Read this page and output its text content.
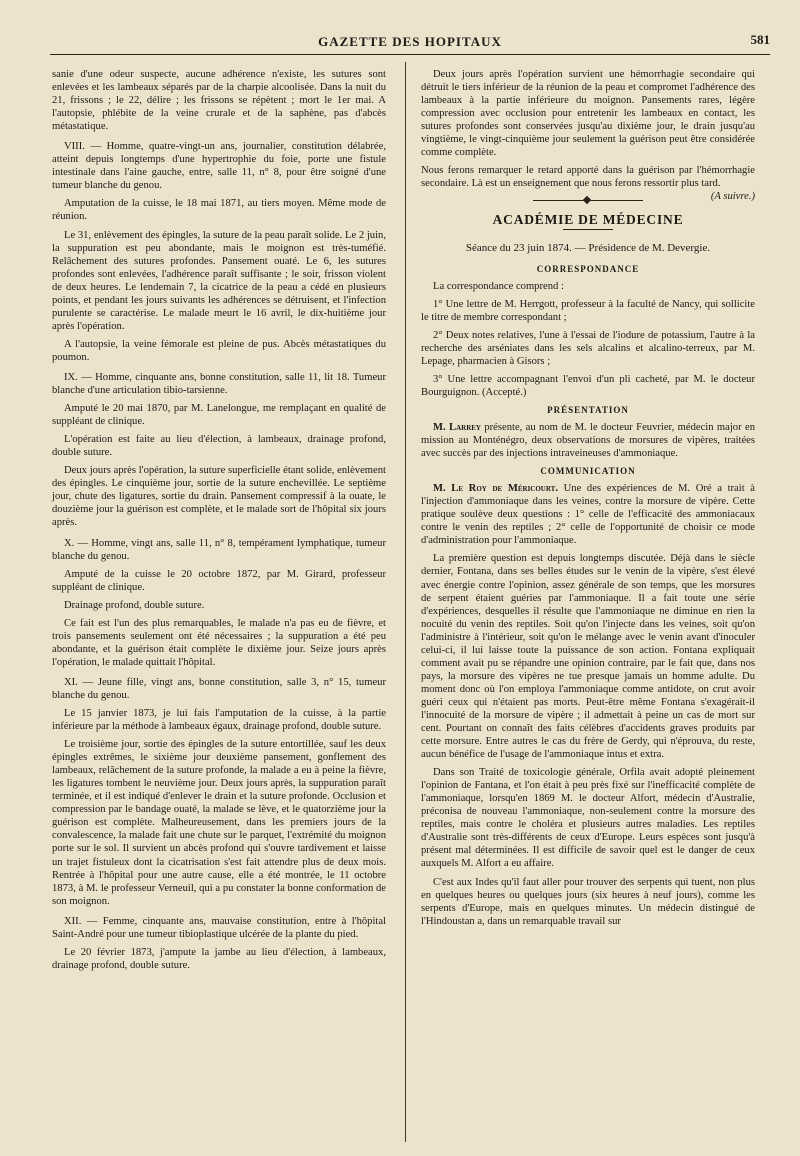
GAZETTE DES HOPITAUX	581

sanie d'une odeur suspecte, aucune adhérence n'existe, les sutures sont enlevées et les lambeaux séparés par de la charpie alcoolisée. Dans la nuit du 21, frissons ; le 22, délire ; les frissons se répètent ; mort le 1er mai. A l'autopsie, phlébite de la veine crurale et de la saphène, pas d'abcès métastatique.

VIII. — Homme, quatre-vingt-un ans, journalier, constitution délabrée, atteint depuis longtemps d'une hypertrophie du foie, porte une fistule intestinale dans l'aine gauche, entre, salle 11, n° 8, pour être soigné d'une tumeur blanche du genou.

Amputation de la cuisse, le 18 mai 1871, au tiers moyen. Même mode de réunion.

Le 31, enlèvement des épingles, la suture de la peau paraît solide. Le 2 juin, la suppuration est peu abondante, mais le moignon est très-tuméfié. Relâchement des sutures profondes. Pansement ouaté. Le 6, les sutures profondes sont enlevées, l'adhérence paraît suffisante ; le soir, frisson violent de deux heures. Le lendemain 7, la cicatrice de la peau a cédé en plusieurs points, et pendant les jours suivants les adhérences se détruisent, et l'infection purulente se caractérise. Le malade meurt le 16 avril, le dix-huitième jour après l'opération.

A l'autopsie, la veine fémorale est pleine de pus. Abcès métastatiques du poumon.

IX. — Homme, cinquante ans, bonne constitution, salle 11, lit 18. Tumeur blanche d'une articulation tibio-tarsienne.

Amputé le 20 mai 1870, par M. Lanelongue, me remplaçant en qualité de suppléant de clinique.

L'opération est faite au lieu d'élection, à lambeaux, drainage profond, double suture.

Deux jours après l'opération, la suture superficielle étant solide, enlèvement des épingles. Le cinquième jour, sortie de la suture enchevillée. Le septième jour, chute des ligatures, sortie du drain. Pansement compressif à la ouate, le douzième jour la guérison est complète, et le malade sort de l'hôpital six jours après.

X. — Homme, vingt ans, salle 11, n° 8, tempérament lymphatique, tumeur blanche du genou.

Amputé de la cuisse le 20 octobre 1872, par M. Girard, professeur suppléant de clinique.

Drainage profond, double suture.

Ce fait est l'un des plus remarquables, le malade n'a pas eu de fièvre, et trois pansements seulement ont été nécessaires ; la suppuration a été peu abondante, et la guérison était complète le dixième jour. Seize jours après l'opération, le malade quittait l'hôpital.

XI. — Jeune fille, vingt ans, bonne constitution, salle 3, n° 15, tumeur blanche du genou.

Le 15 janvier 1873, je lui fais l'amputation de la cuisse, à la partie inférieure par la méthode à lambeaux égaux, drainage profond, double suture.

Le troisième jour, sortie des épingles de la suture entortillée, sauf les deux épingles extrêmes, le sixième jour deuxième pansement, gonflement des lambeaux, relâchement de la suture profonde, la malade a eu à peine la fièvre, les ligatures tombent le neuvième jour. Deux jours après, la suppuration paraît terminée, et il est indiqué d'enlever le drain et la suture profonde. Occlusion et compression par le bandage ouaté, la malade se lève, et le quatorzième jour la guérison est complète. Malheureusement, dans les premiers jours de la convalescence, la malade fait une chute sur le parquet, l'extrémité du moignon porte sur le sol. Il survient un abcès profond qui s'ouvre tardivement et laisse un trajet fistuleux dont la cicatrisation s'est fait attendre plus de deux mois. Rentrée à l'hôpital pour une autre cause, elle a été montrée, le 11 octobre 1873, à M. le professeur Verneuil, qui a pu constater la bonne conformation de son moignon.

XII. — Femme, cinquante ans, mauvaise constitution, entre à l'hôpital Saint-André pour une tumeur tibioplastique ulcérée de la plante du pied.

Le 20 février 1873, j'ampute la jambe au lieu d'élection, à lambeaux, drainage profond, double suture.

Deux jours après l'opération survient une hémorrhagie secondaire qui détruit le tiers inférieur de la réunion de la peau et compromet l'adhérence des lambeaux à la partie inférieure du moignon. Pansements rares, légère compression avec occlusion pour entretenir les lambeaux en contact, les sutures profondes sont conservées jusqu'au dixième jour, le drain jusqu'au vingtième, le vingt-cinquième jour seulement la guérison peut être considérée comme complète.

Nous ferons remarquer le retard apporté dans la guérison par l'hémorrhagie secondaire. Là est un enseignement que nous ferons ressortir plus tard.
(A suivre.)

ACADÉMIE DE MÉDECINE
Séance du 23 juin 1874. — Présidence de M. Devergie.
CORRESPONDANCE

La correspondance comprend :

1° Une lettre de M. Herrgott, professeur à la faculté de Nancy, qui sollicite le titre de membre correspondant ;

2° Deux notes relatives, l'une à l'essai de l'iodure de potassium, l'autre à la recherche des arséniates dans les sels alcalins et alcalino-terreux, par M. Lepage, pharmacien à Gisors ;

3° Une lettre accompagnant l'envoi d'un pli cacheté, par M. le docteur Bourguignon. (Accepté.)

PRÉSENTATION

M. Larrey présente, au nom de M. le docteur Feuvrier, médecin major en mission au Monténégro, deux observations de morsures de vipères, traitées avec succès par des injections intraveineuses d'ammoniaque.

COMMUNICATION

M. Le Roy de Méricourt. Une des expériences de M. Oré a trait à l'injection d'ammoniaque dans les veines, contre la morsure de vipère. Cette pratique soulève deux questions : 1° celle de l'efficacité des ammoniacaux contre le venin des reptiles ; 2° celle de l'opportunité de choisir ce mode d'administration pour l'ammoniaque.

La première question est depuis longtemps discutée. Déjà dans le siècle dernier, Fontana, dans ses belles études sur le venin de la vipère, s'est élevé avec énergie contre l'opinion, assez générale de son temps, que les morsures de serpent étaient guéries par l'ammoniaque. Il a fait toute une série d'expériences, desquelles il résulte que l'ammoniaque ne diminue en rien la nocuité du venin des reptiles. Soit qu'on l'injecte dans les veines, soit qu'on l'administre à l'intérieur, soit qu'on le mélange avec le venin avant d'inoculer celui-ci, il lui laisse toute la puissance de son action. Fontana expliquait comment avait pu se répandre une opinion contraire, par le fait que, dans nos pays, la morsure des vipères ne tue presque jamais un homme adulte. Du moment donc où l'on employa l'ammoniaque comme antidote, on crut avoir guéri ceux qui n'étaient pas morts. Peut-être même Fontana s'exagérait-il l'innocuité de la morsure de vipère ; il admettait à peine un cas de mort sur cent. Pourtant on connaît des faits célèbres d'accidents graves produits par cette morsure. Entre autres le cas du frère de Gerdy, qui n'éprouva, du reste, aucun bénéfice de l'usage de l'ammoniaque intus et extra.

Dans son Traité de toxicologie générale, Orfila avait adopté pleinement l'opinion de Fantana, et l'on était à peu près fixé sur l'inefficacité complète de l'ammoniaque, lorsqu'en 1869 M. le docteur Alfort, médecin d'Australie, préconisa de nouveau l'ammoniaque, non-seulement contre la morsure des reptiles, mais contre le choléra et plusieurs autres maladies. Les reptiles d'Australie sont très-différents de ceux d'Europe. Leurs espèces sont jusqu'à présent mal déterminées. Il est difficile de savoir quel est le danger de ceux auxquels M. Alfort a eu affaire.

C'est aux Indes qu'il faut aller pour trouver des serpents qui tuent, non plus en quelques heures ou quelques jours (six heures à neuf jours), comme les serpents d'Europe, mais en quelques minutes. Un médecin distingué de l'Hindoustan a, dans un remarquable travail sur
